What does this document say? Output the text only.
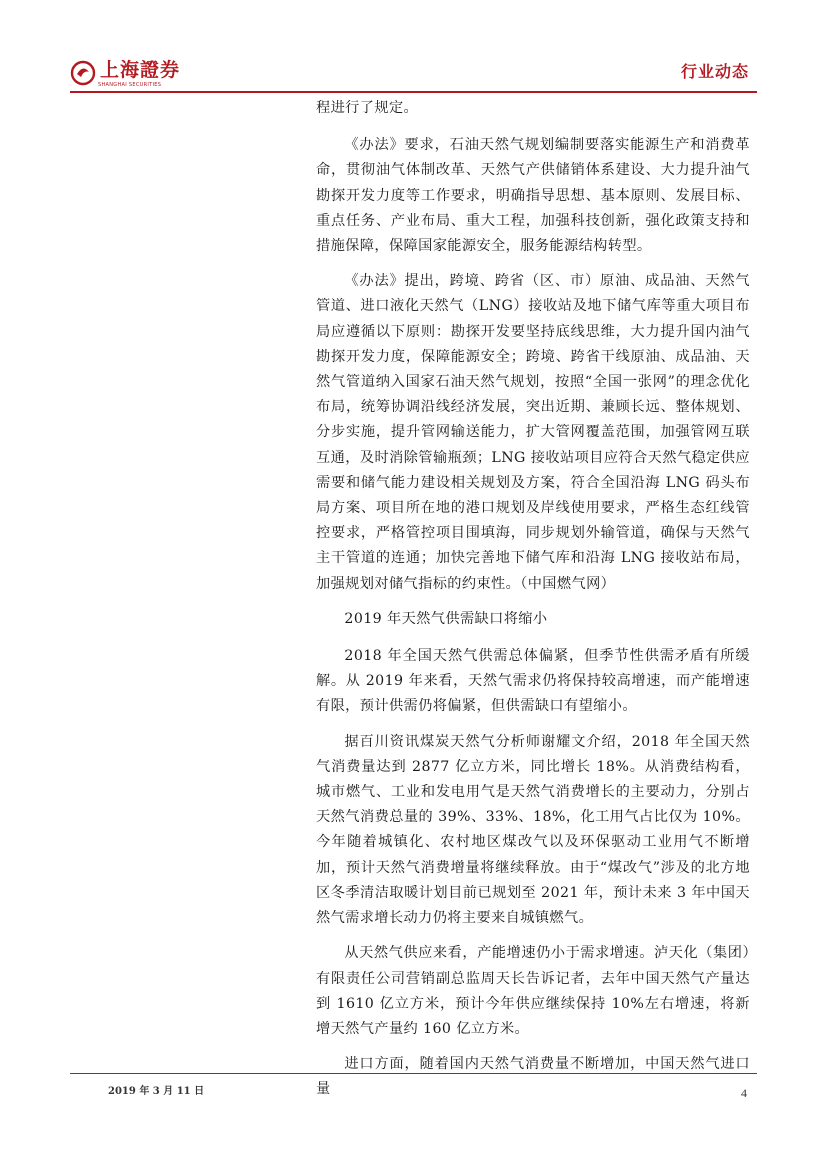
上海證券
SHANGHAI SECURITIES
行业动态

程进行了规定。

《办法》要求，石油天然气规划编制要落实能源生产和消费革命，贯彻油气体制改革、天然气产供储销体系建设、大力提升油气勘探开发力度等工作要求，明确指导思想、基本原则、发展目标、重点任务、产业布局、重大工程，加强科技创新，强化政策支持和措施保障，保障国家能源安全，服务能源结构转型。

《办法》提出，跨境、跨省（区、市）原油、成品油、天然气管道、进口液化天然气（LNG）接收站及地下储气库等重大项目布局应遵循以下原则：勘探开发要坚持底线思维，大力提升国内油气勘探开发力度，保障能源安全；跨境、跨省干线原油、成品油、天然气管道纳入国家石油天然气规划，按照“全国一张网”的理念优化布局，统筹协调沿线经济发展，突出近期、兼顾长远、整体规划、分步实施，提升管网输送能力，扩大管网覆盖范围，加强管网互联互通，及时消除管输瓶颈；LNG 接收站项目应符合天然气稳定供应需要和储气能力建设相关规划及方案，符合全国沿海 LNG 码头布局方案、项目所在地的港口规划及岸线使用要求，严格生态红线管控要求，严格管控项目围填海，同步规划外输管道，确保与天然气主干管道的连通；加快完善地下储气库和沿海 LNG 接收站布局，加强规划对储气指标的约束性。（中国燃气网）

2019 年天然气供需缺口将缩小

2018 年全国天然气供需总体偏紧，但季节性供需矛盾有所缓解。从 2019 年来看，天然气需求仍将保持较高增速，而产能增速有限，预计供需仍将偏紧，但供需缺口有望缩小。

据百川资讯煤炭天然气分析师谢耀文介绍，2018 年全国天然气消费量达到 2877 亿立方米，同比增长 18%。从消费结构看，城市燃气、工业和发电用气是天然气消费增长的主要动力，分别占天然气消费总量的 39%、33%、18%，化工用气占比仅为 10%。今年随着城镇化、农村地区煤改气以及环保驱动工业用气不断增加，预计天然气消费增量将继续释放。由于“煤改气”涉及的北方地区冬季清洁取暖计划目前已规划至 2021 年，预计未来 3 年中国天然气需求增长动力仍将主要来自城镇燃气。

从天然气供应来看，产能增速仍小于需求增速。泸天化（集团）有限责任公司营销副总监周天长告诉记者，去年中国天然气产量达到 1610 亿立方米，预计今年供应继续保持 10%左右增速，将新增天然气产量约 160 亿立方米。

进口方面，随着国内天然气消费量不断增加，中国天然气进口量

2019 年 3 月 11 日	4
